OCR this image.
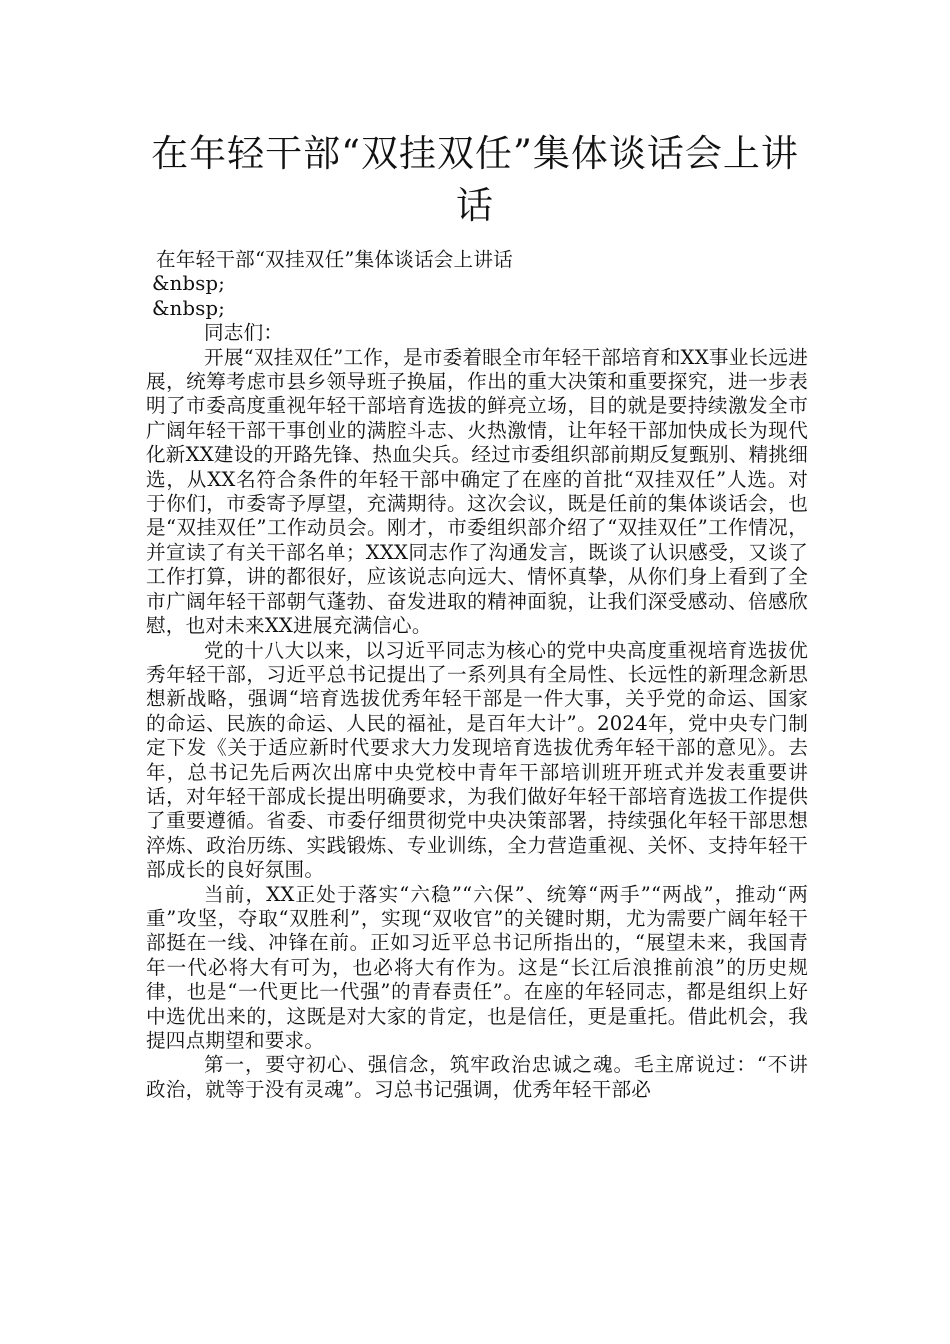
在年轻干部“双挂双任”集体谈话会上讲话

在年轻干部“双挂双任”集体谈话会上讲话

&nbsp;

&nbsp;

同志们：

开展“双挂双任”工作，是市委着眼全市年轻干部培育和XX事业长远进展，统筹考虑市县乡领导班子换届，作出的重大决策和重要探究，进一步表明了市委高度重视年轻干部培育选拔的鲜亮立场，目的就是要持续激发全市广阔年轻干部干事创业的满腔斗志、火热激情，让年轻干部加快成长为现代化新XX建设的开路先锋、热血尖兵。经过市委组织部前期反复甄别、精挑细选，从XX名符合条件的年轻干部中确定了在座的首批“双挂双任”人选。对于你们，市委寄予厚望，充满期待。这次会议，既是任前的集体谈话会，也是“双挂双任”工作动员会。刚才，市委组织部介绍了“双挂双任”工作情况，并宣读了有关干部名单；XXX同志作了沟通发言，既谈了认识感受，又谈了工作打算，讲的都很好，应该说志向远大、情怀真挚，从你们身上看到了全市广阔年轻干部朝气蓬勃、奋发进取的精神面貌，让我们深受感动、倍感欣慰，也对未来XX进展充满信心。

党的十八大以来，以习近平同志为核心的党中央高度重视培育选拔优秀年轻干部，习近平总书记提出了一系列具有全局性、长远性的新理念新思想新战略，强调“培育选拔优秀年轻干部是一件大事，关乎党的命运、国家的命运、民族的命运、人民的福祉，是百年大计”。2024年，党中央专门制定下发《关于适应新时代要求大力发现培育选拔优秀年轻干部的意见》。去年，总书记先后两次出席中央党校中青年干部培训班开班式并发表重要讲话，对年轻干部成长提出明确要求，为我们做好年轻干部培育选拔工作提供了重要遵循。省委、市委仔细贯彻党中央决策部署，持续强化年轻干部思想淬炼、政治历练、实践锻炼、专业训练，全力营造重视、关怀、支持年轻干部成长的良好氛围。

当前，XX正处于落实“六稳”“六保”、统筹“两手”“两战”，推动“两重”攻坚，夺取“双胜利”，实现“双收官”的关键时期，尤为需要广阔年轻干部挺在一线、冲锋在前。正如习近平总书记所指出的，“展望未来，我国青年一代必将大有可为，也必将大有作为。这是“长江后浪推前浪”的历史规律，也是“一代更比一代强”的青春责任”。在座的年轻同志，都是组织上好中选优出来的，这既是对大家的肯定，也是信任，更是重托。借此机会，我提四点期望和要求。

第一，要守初心、强信念，筑牢政治忠诚之魂。毛主席说过：“不讲政治，就等于没有灵魂”。习总书记强调，优秀年轻干部必
